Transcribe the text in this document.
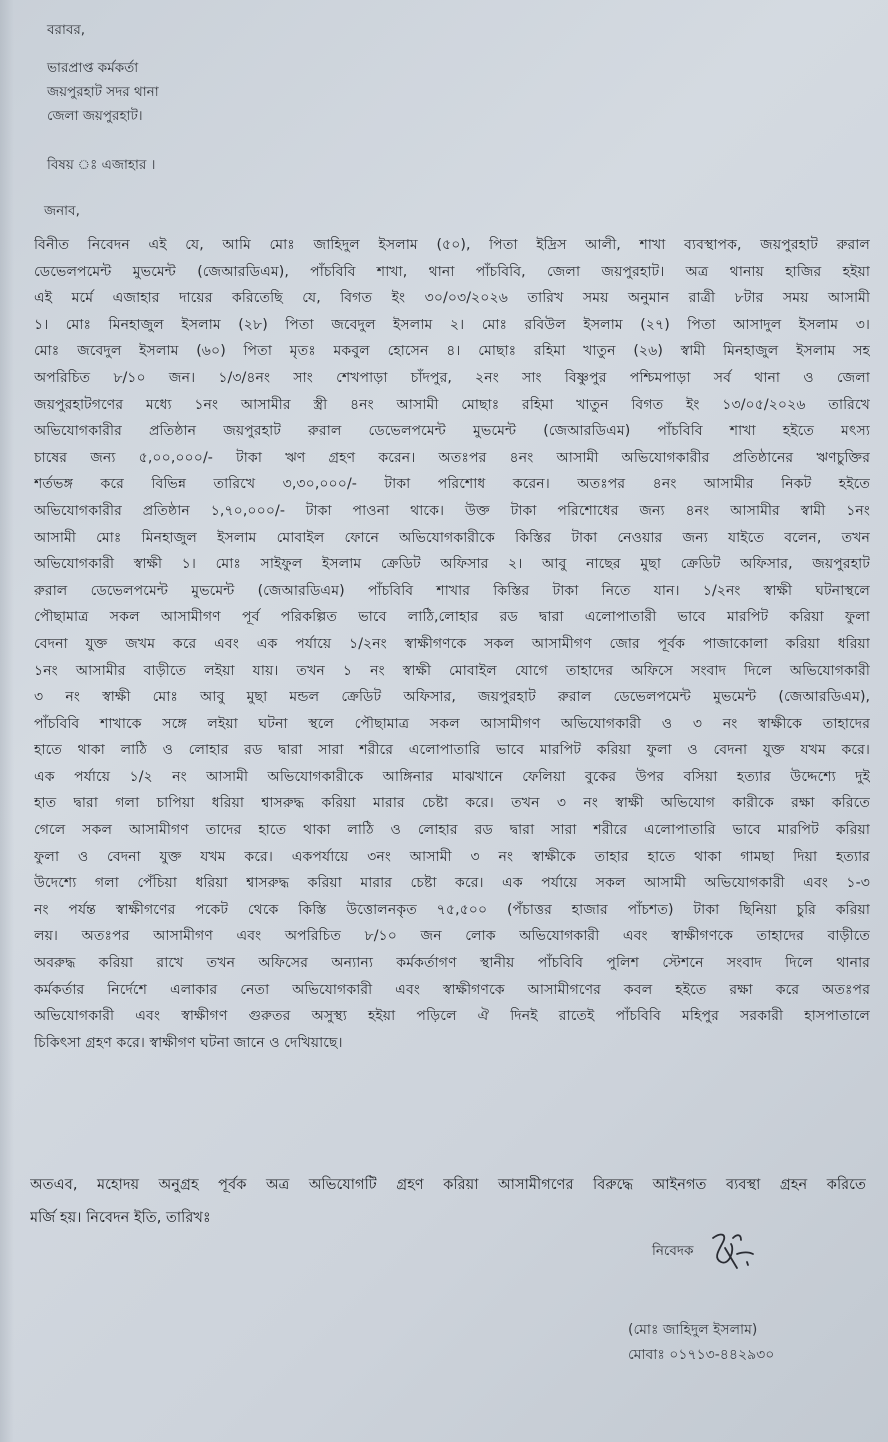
বরাবর,
ভারপ্রাপ্ত কর্মকর্তা
জয়পুরহাট সদর থানা
জেলা জয়পুরহাট।
বিষয় ঃ এজাহার ।
জনাব,
বিনীত নিবেদন এই যে, আমি মোঃ জাহিদুল ইসলাম (৫০), পিতা ইদ্রিস আলী, শাখা ব্যবস্থাপক, জয়পুরহাট রুরাল
ডেভেলপমেন্ট মুভমেন্ট (জেআরডিএম), পাঁচবিবি শাখা, থানা পাঁচবিবি, জেলা জয়পুরহাট। অত্র থানায় হাজির হইয়া
এই মর্মে এজাহার দায়ের করিতেছি যে, বিগত ইং ৩০/০৩/২০২৬ তারিখ সময় অনুমান রাত্রী ৮টার সময় আসামী
১। মোঃ মিনহাজুল ইসলাম (২৮) পিতা জবেদুল ইসলাম ২। মোঃ রবিউল ইসলাম (২৭) পিতা আসাদুল ইসলাম ৩।
মোঃ জবেদুল ইসলাম (৬০) পিতা মৃতঃ মকবুল হোসেন ৪। মোছাঃ রহিমা খাতুন (২৬) স্বামী মিনহাজুল ইসলাম সহ
অপরিচিত ৮/১০ জন। ১/৩/৪নং সাং শেখপাড়া চাঁদপুর, ২নং সাং বিষ্ণুপুর পশ্চিমপাড়া সর্ব থানা ও জেলা
জয়পুরহাটগণের মধ্যে ১নং আসামীর স্ত্রী ৪নং আসামী মোছাঃ রহিমা খাতুন বিগত ইং ১৩/০৫/২০২৬ তারিখে
অভিযোগকারীর প্রতিষ্ঠান জয়পুরহাট রুরাল ডেভেলপমেন্ট মুভমেন্ট (জেআরডিএম) পাঁচবিবি শাখা হইতে মৎস্য
চাষের জন্য ৫,০০,০০০/- টাকা ঋণ গ্রহণ করেন। অতঃপর ৪নং আসামী অভিযোগকারীর প্রতিষ্ঠানের ঋণচুক্তির
শর্তভঙ্গ করে বিভিন্ন তারিখে ৩,৩০,০০০/- টাকা পরিশোধ করেন। অতঃপর ৪নং আসামীর নিকট হইতে
অভিযোগকারীর প্রতিষ্ঠান ১,৭০,০০০/- টাকা পাওনা থাকে। উক্ত টাকা পরিশোধের জন্য ৪নং আসামীর স্বামী ১নং
আসামী মোঃ মিনহাজুল ইসলাম মোবাইল ফোনে অভিযোগকারীকে কিস্তির টাকা নেওয়ার জন্য যাইতে বলেন, তখন
অভিযোগকারী স্বাক্ষী ১। মোঃ সাইফুল ইসলাম ক্রেডিট অফিসার ২। আবু নাছের মুছা ক্রেডিট অফিসার, জয়পুরহাট
রুরাল ডেভেলপমেন্ট মুভমেন্ট (জেআরডিএম) পাঁচবিবি শাখার কিস্তির টাকা নিতে যান। ১/২নং স্বাক্ষী ঘটনাস্থলে
পৌছামাত্র সকল আসামীগণ পূর্ব পরিকল্পিত ভাবে লাঠি,লোহার রড দ্বারা এলোপাতারী ভাবে মারপিট করিয়া ফুলা
বেদনা যুক্ত জখম করে এবং এক পর্যায়ে ১/২নং স্বাক্ষীগণকে সকল আসামীগণ জোর পূর্বক পাজাকোলা করিয়া ধরিয়া
১নং আসামীর বাড়ীতে লইয়া যায়। তখন ১ নং স্বাক্ষী মোবাইল যোগে তাহাদের অফিসে সংবাদ দিলে অভিযোগকারী
৩ নং স্বাক্ষী মোঃ আবু মুছা মন্ডল ক্রেডিট অফিসার, জয়পুরহাট রুরাল ডেভেলপমেন্ট মুভমেন্ট (জেআরডিএম),
পাঁচবিবি শাখাকে সঙ্গে লইয়া ঘটনা স্থলে পৌছামাত্র সকল আসামীগণ অভিযোগকারী ও ৩ নং স্বাক্ষীকে তাহাদের
হাতে থাকা লাঠি ও লোহার রড দ্বারা সারা শরীরে এলোপাতারি ভাবে মারপিট করিয়া ফুলা ও বেদনা যুক্ত যখম করে।
এক পর্যায়ে ১/২ নং আসামী অভিযোগকারীকে আঙ্গিনার মাঝখানে ফেলিয়া বুকের উপর বসিয়া হত্যার উদ্দেশ্যে দুই
হাত দ্বারা গলা চাপিয়া ধরিয়া শ্বাসরুদ্ধ করিয়া মারার চেষ্টা করে। তখন ৩ নং স্বাক্ষী অভিযোগ কারীকে রক্ষা করিতে
গেলে সকল আসামীগণ তাদের হাতে থাকা লাঠি ও লোহার রড দ্বারা সারা শরীরে এলোপাতারি ভাবে মারপিট করিয়া
ফুলা ও বেদনা যুক্ত যখম করে। একপর্যায়ে ৩নং আসামী ৩ নং স্বাক্ষীকে তাহার হাতে থাকা গামছা দিয়া হত্যার
উদেশ্যে গলা পেঁচিয়া ধরিয়া শ্বাসরুদ্ধ করিয়া মারার চেষ্টা করে। এক পর্যায়ে সকল আসামী অভিযোগকারী এবং ১-৩
নং পর্যন্ত স্বাক্ষীগণের পকেট থেকে কিস্তি উত্তোলনকৃত ৭৫,৫০০ (পঁচাত্তর হাজার পাঁচশত) টাকা ছিনিয়া চুরি করিয়া
লয়। অতঃপর আসামীগণ এবং অপরিচিত ৮/১০ জন লোক অভিযোগকারী এবং স্বাক্ষীগণকে তাহাদের বাড়ীতে
অবরুদ্ধ করিয়া রাখে তখন অফিসের অন্যান্য কর্মকর্তাগণ স্থানীয় পাঁচবিবি পুলিশ স্টেশনে সংবাদ দিলে থানার
কর্মকর্তার নির্দেশে এলাকার নেতা অভিযোগকারী এবং স্বাক্ষীগণকে আসামীগণের কবল হইতে রক্ষা করে অতঃপর
অভিযোগকারী এবং স্বাক্ষীগণ গুরুতর অসুস্থ্য হইয়া পড়িলে ঐ দিনই রাতেই পাঁচবিবি মহিপুর সরকারী হাসপাতালে
চিকিৎসা গ্রহণ করে। স্বাক্ষীগণ ঘটনা জানে ও দেখিয়াছে।
অতএব, মহোদয় অনুগ্রহ পূর্বক অত্র অভিযোগটি গ্রহণ করিয়া আসামীগণের বিরুদ্ধে আইনগত ব্যবস্থা গ্রহন করিতে
মর্জি হয়। নিবেদন ইতি, তারিখঃ
নিবেদক
(মোঃ জাহিদুল ইসলাম)
মোবাঃ ০১৭১৩-৪৪২৯৩০
